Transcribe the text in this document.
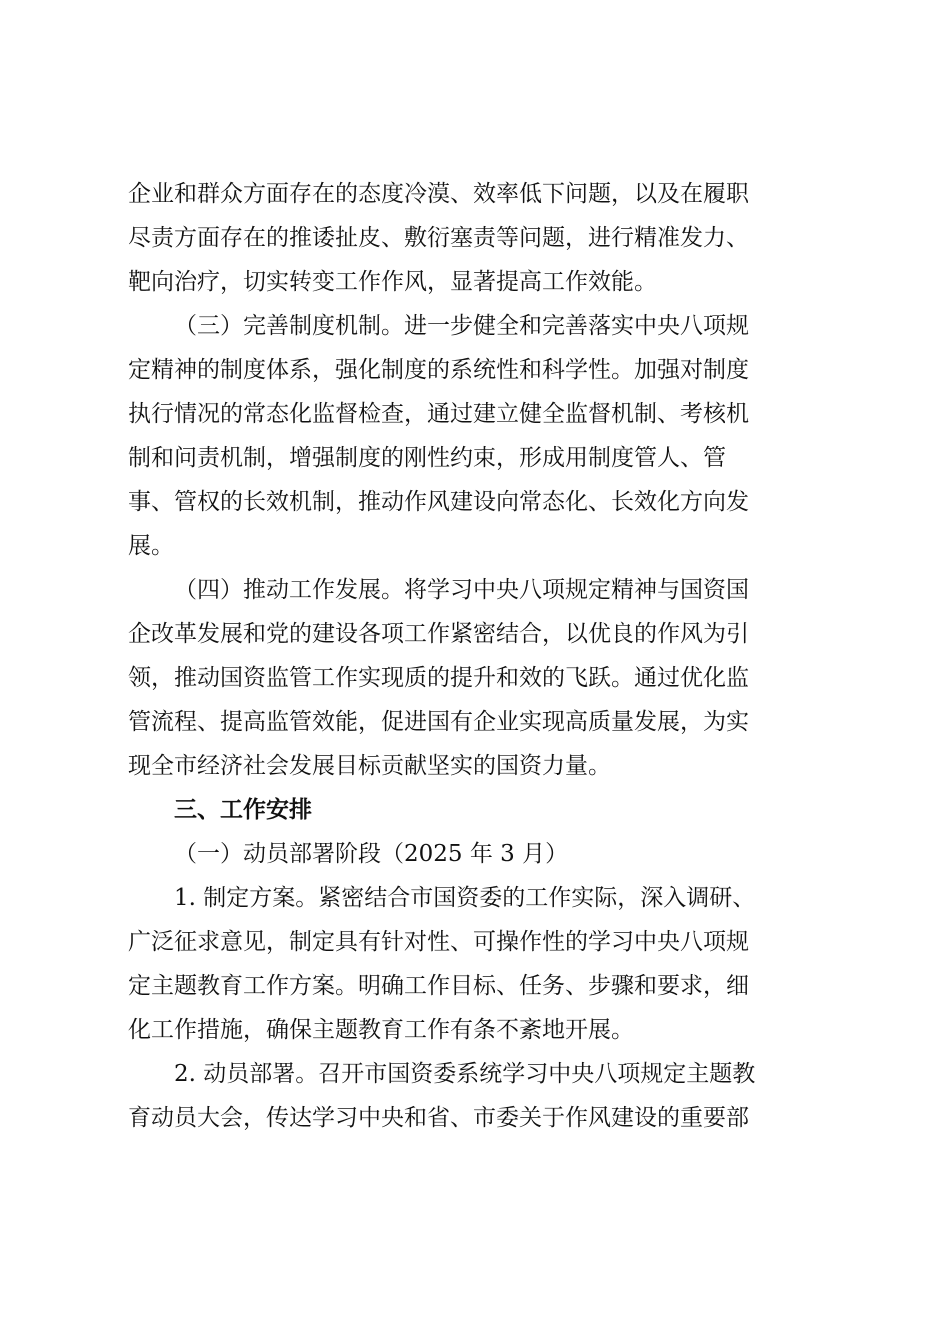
企业和群众方面存在的态度冷漠、效率低下问题，以及在履职
尽责方面存在的推诿扯皮、敷衍塞责等问题，进行精准发力、
靶向治疗，切实转变工作作风，显著提高工作效能。

（三）完善制度机制。进一步健全和完善落实中央八项规
定精神的制度体系，强化制度的系统性和科学性。加强对制度
执行情况的常态化监督检查，通过建立健全监督机制、考核机
制和问责机制，增强制度的刚性约束，形成用制度管人、管
事、管权的长效机制，推动作风建设向常态化、长效化方向发
展。

（四）推动工作发展。将学习中央八项规定精神与国资国
企改革发展和党的建设各项工作紧密结合，以优良的作风为引
领，推动国资监管工作实现质的提升和效的飞跃。通过优化监
管流程、提高监管效能，促进国有企业实现高质量发展，为实
现全市经济社会发展目标贡献坚实的国资力量。

三、工作安排

（一）动员部署阶段（2025 年 3 月）

1. 制定方案。紧密结合市国资委的工作实际，深入调研、
广泛征求意见，制定具有针对性、可操作性的学习中央八项规
定主题教育工作方案。明确工作目标、任务、步骤和要求，细
化工作措施，确保主题教育工作有条不紊地开展。

2. 动员部署。召开市国资委系统学习中央八项规定主题教
育动员大会，传达学习中央和省、市委关于作风建设的重要部
